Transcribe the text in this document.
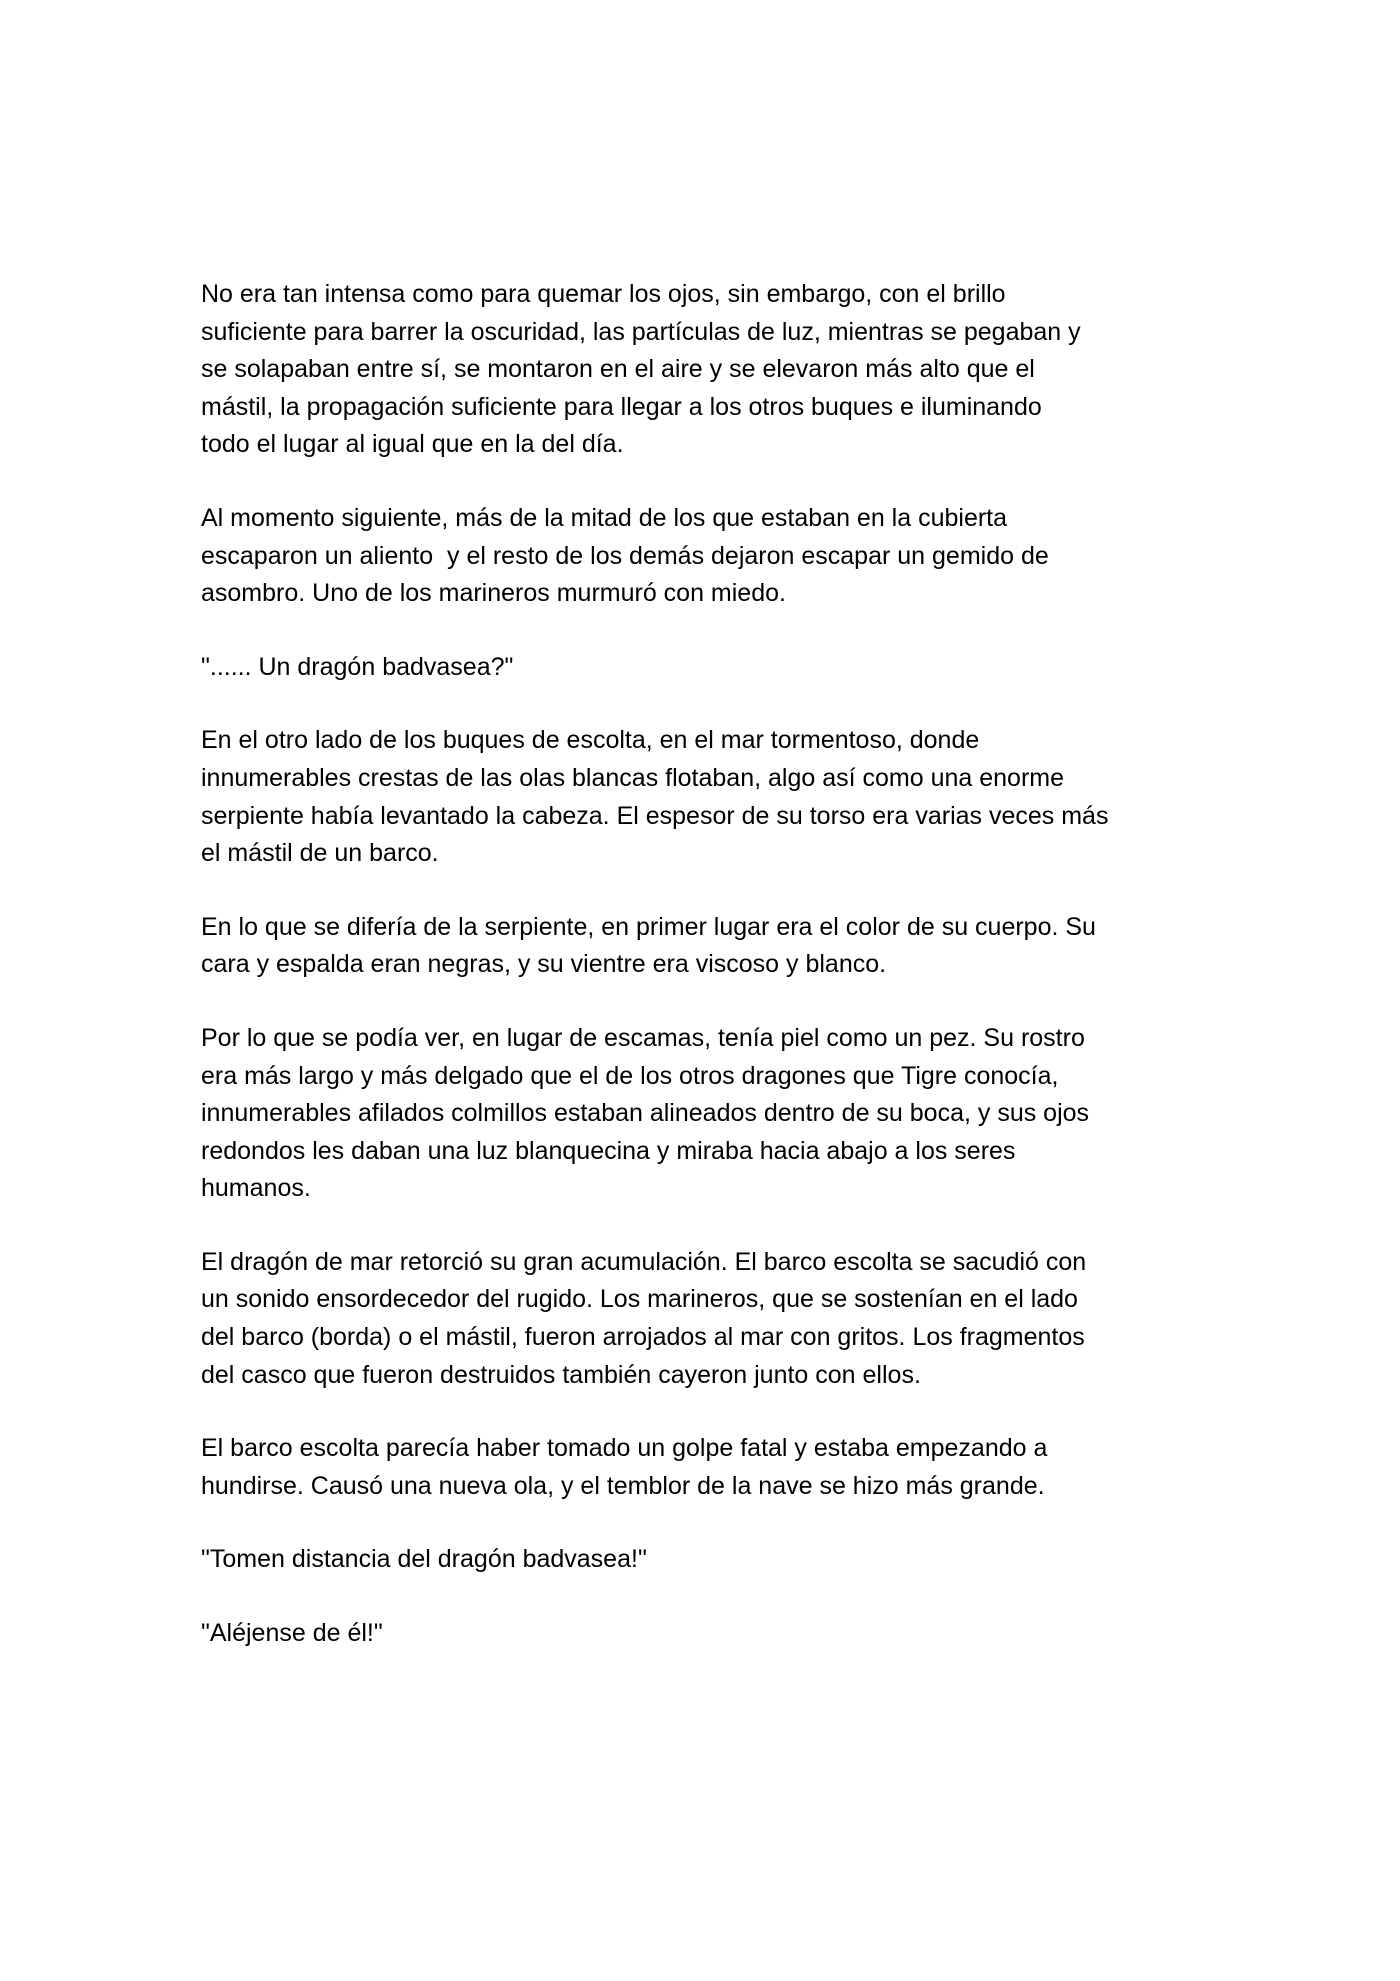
No era tan intensa como para quemar los ojos, sin embargo, con el brillo
suficiente para barrer la oscuridad, las partículas de luz, mientras se pegaban y
se solapaban entre sí, se montaron en el aire y se elevaron más alto que el
mástil, la propagación suficiente para llegar a los otros buques e iluminando
todo el lugar al igual que en la del día.

Al momento siguiente, más de la mitad de los que estaban en la cubierta
escaparon un aliento  y el resto de los demás dejaron escapar un gemido de
asombro. Uno de los marineros murmuró con miedo.

"...... Un dragón badvasea?"

En el otro lado de los buques de escolta, en el mar tormentoso, donde
innumerables crestas de las olas blancas flotaban, algo así como una enorme
serpiente había levantado la cabeza. El espesor de su torso era varias veces más
el mástil de un barco.

En lo que se difería de la serpiente, en primer lugar era el color de su cuerpo. Su
cara y espalda eran negras, y su vientre era viscoso y blanco.

Por lo que se podía ver, en lugar de escamas, tenía piel como un pez. Su rostro
era más largo y más delgado que el de los otros dragones que Tigre conocía,
innumerables afilados colmillos estaban alineados dentro de su boca, y sus ojos
redondos les daban una luz blanquecina y miraba hacia abajo a los seres
humanos.

El dragón de mar retorció su gran acumulación. El barco escolta se sacudió con
un sonido ensordecedor del rugido. Los marineros, que se sostenían en el lado
del barco (borda) o el mástil, fueron arrojados al mar con gritos. Los fragmentos
del casco que fueron destruidos también cayeron junto con ellos.

El barco escolta parecía haber tomado un golpe fatal y estaba empezando a
hundirse. Causó una nueva ola, y el temblor de la nave se hizo más grande.

"Tomen distancia del dragón badvasea!"

"Aléjense de él!"
